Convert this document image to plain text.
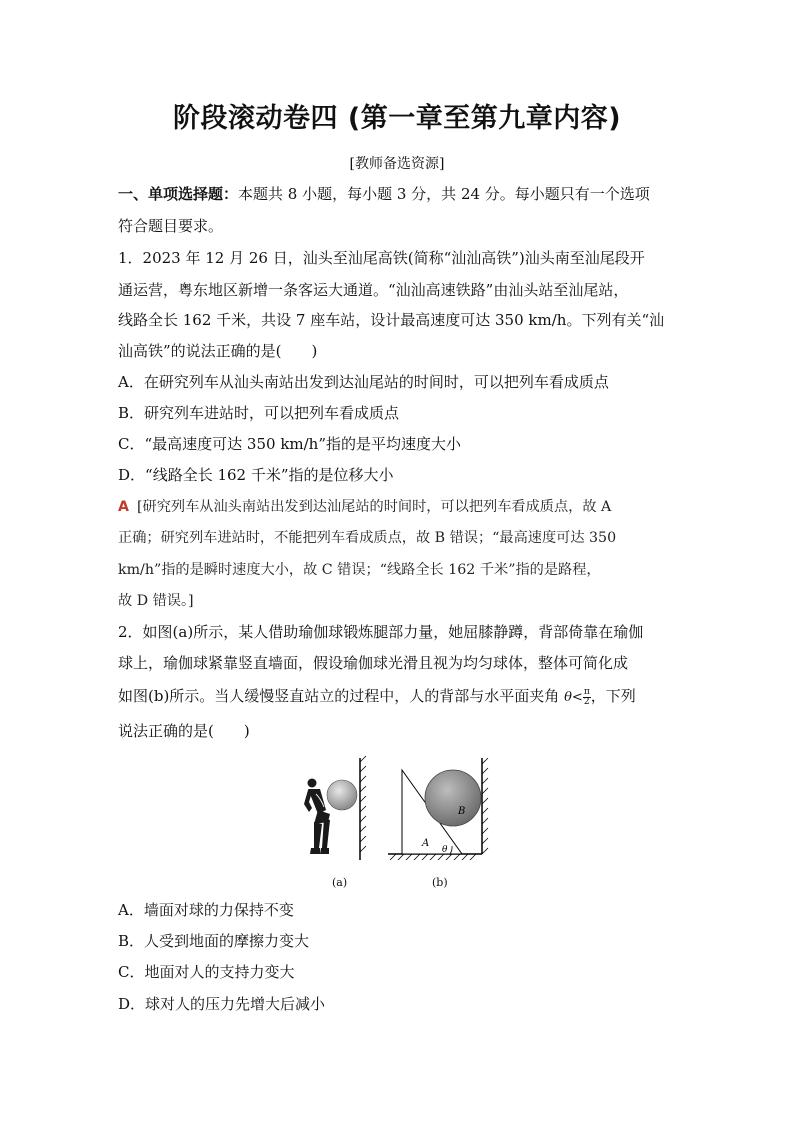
阶段滚动卷四 (第一章至第九章内容)
[教师备选资源]
一、单项选择题：本题共 8 小题，每小题 3 分，共 24 分。每小题只有一个选项
符合题目要求。
1．2023 年 12 月 26 日，汕头至汕尾高铁(简称“汕汕高铁”)汕头南至汕尾段开
通运营，粤东地区新增一条客运大通道。“汕汕高速铁路”由汕头站至汕尾站，
线路全长 162 千米，共设 7 座车站，设计最高速度可达 350 km/h。下列有关“汕
汕高铁”的说法正确的是(　　)
A．在研究列车从汕头南站出发到达汕尾站的时间时，可以把列车看成质点
B．研究列车进站时，可以把列车看成质点
C．“最高速度可达 350 km/h”指的是平均速度大小
D．“线路全长 162 千米”指的是位移大小
A [研究列车从汕头南站出发到达汕尾站的时间时，可以把列车看成质点，故 A
正确；研究列车进站时，不能把列车看成质点，故 B 错误；“最高速度可达 350
km/h”指的是瞬时速度大小，故 C 错误；“线路全长 162 千米”指的是路程，
故 D 错误。]
2．如图(a)所示，某人借助瑜伽球锻炼腿部力量，她屈膝静蹲，背部倚靠在瑜伽
球上，瑜伽球紧靠竖直墙面，假设瑜伽球光滑且视为均匀球体，整体可简化成
如图(b)所示。当人缓慢竖直站立的过程中，人的背部与水平面夹角 $\theta< \frac{\pi}{2}$ ，下列
说法正确的是(　　)
A
B
θ
(a)	(b)
A．墙面对球的力保持不变
B．人受到地面的摩擦力变大
C．地面对人的支持力变大
D．球对人的压力先增大后减小
